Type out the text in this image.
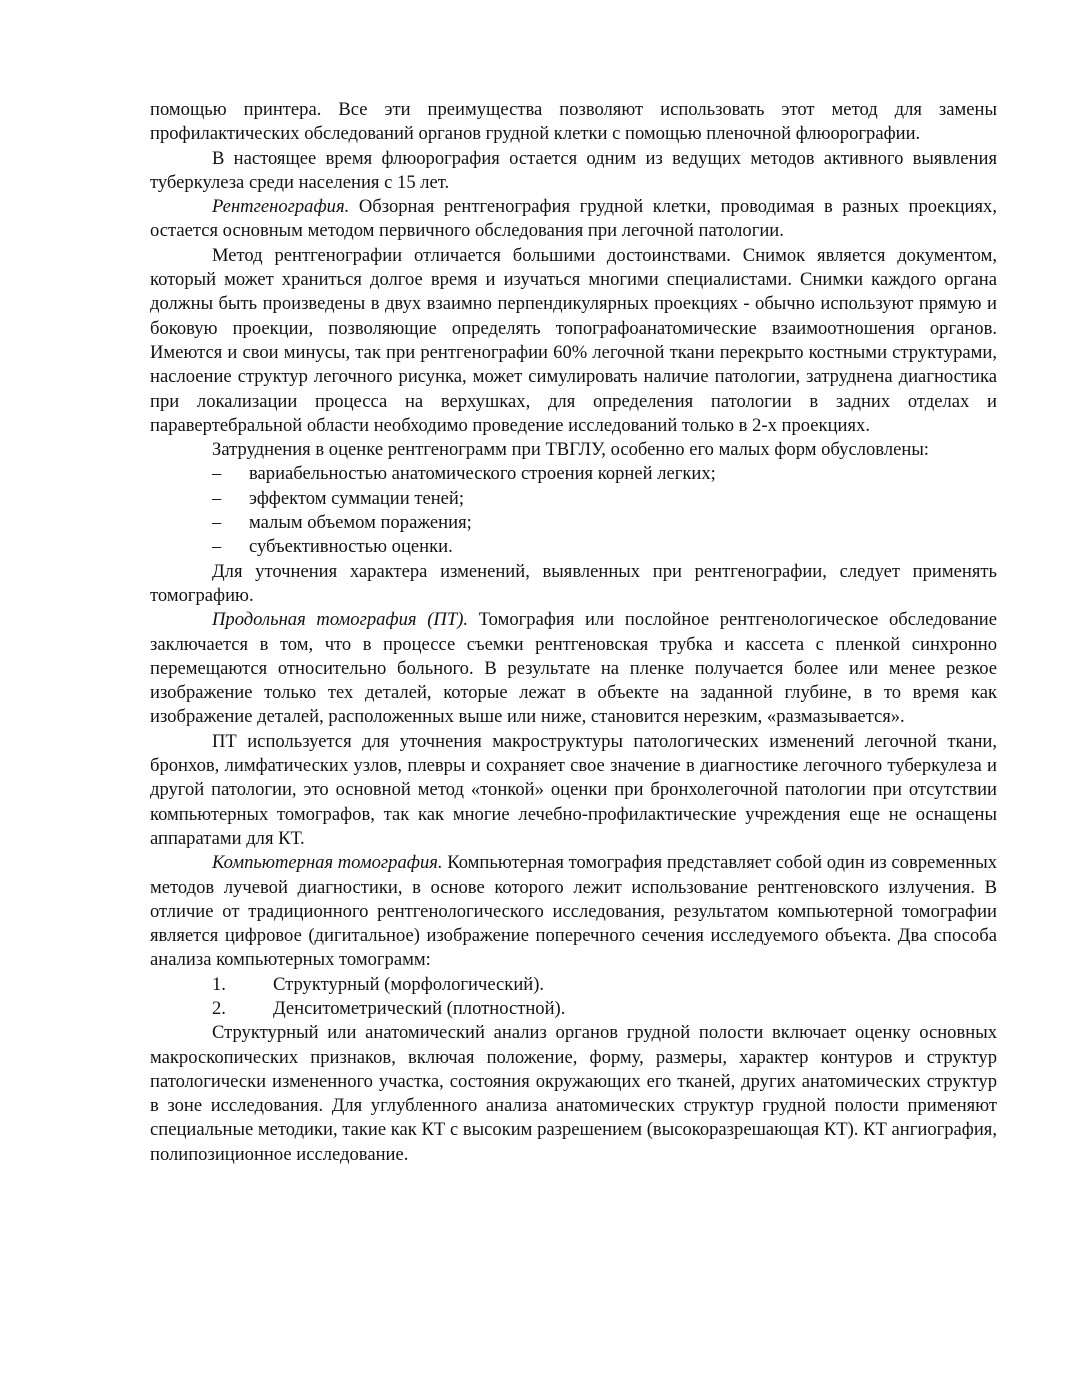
помощью принтера. Все эти преимущества позволяют использовать этот метод для замены профилактических обследований органов грудной клетки с помощью пленочной флюорографии.

В настоящее время флюорография остается одним из ведущих методов активного выявления туберкулеза среди населения с 15 лет.

Рентгенография. Обзорная рентгенография грудной клетки, проводимая в разных проекциях, остается основным методом первичного обследования при легочной патологии.

Метод рентгенографии отличается большими достоинствами. Снимок является документом, который может храниться долгое время и изучаться многими специалистами. Снимки каждого органа должны быть произведены в двух взаимно перпендикулярных проекциях - обычно используют прямую и боковую проекции, позволяющие определять топографоанатомические взаимоотношения органов. Имеются и свои минусы, так при рентгенографии 60% легочной ткани перекрыто костными структурами, наслоение структур легочного рисунка, может симулировать наличие патологии, затруднена диагностика при локализации процесса на верхушках, для определения патологии в задних отделах и паравертебральной области необходимо проведение исследований только в 2-х проекциях.

Затруднения в оценке рентгенограмм при ТВГЛУ, особенно его малых форм обусловлены:

– вариабельностью анатомического строения корней легких;
– эффектом суммации теней;
– малым объемом поражения;
– субъективностью оценки.

Для уточнения характера изменений, выявленных при рентгенографии, следует применять томографию.

Продольная томография (ПТ). Томография или послойное рентгенологическое обследование заключается в том, что в процессе съемки рентгеновская трубка и кассета с пленкой синхронно перемещаются относительно больного. В результате на пленке получается более или менее резкое изображение только тех деталей, которые лежат в объекте на заданной глубине, в то время как изображение деталей, расположенных выше или ниже, становится нерезким, «размазывается».

ПТ используется для уточнения макроструктуры патологических изменений легочной ткани, бронхов, лимфатических узлов, плевры и сохраняет свое значение в диагностике легочного туберкулеза и другой патологии, это основной метод «тонкой» оценки при бронхолегочной патологии при отсутствии компьютерных томографов, так как многие лечебно-профилактические учреждения еще не оснащены аппаратами для КТ.

Компьютерная томография. Компьютерная томография представляет собой один из современных методов лучевой диагностики, в основе которого лежит использование рентгеновского излучения. В отличие от традиционного рентгенологического исследования, результатом компьютерной томографии является цифровое (дигитальное) изображение поперечного сечения исследуемого объекта. Два способа анализа компьютерных томограмм:

1.	Структурный (морфологический).
2.	Денситометрический (плотностной).

Структурный или анатомический анализ органов грудной полости включает оценку основных макроскопических признаков, включая положение, форму, размеры, характер контуров и структур патологически измененного участка, состояния окружающих его тканей, других анатомических структур в зоне исследования. Для углубленного анализа анатомических структур грудной полости применяют специальные методики, такие как КТ с высоким разрешением (высокоразрешающая КТ). КТ ангиография, полипозиционное исследование.
